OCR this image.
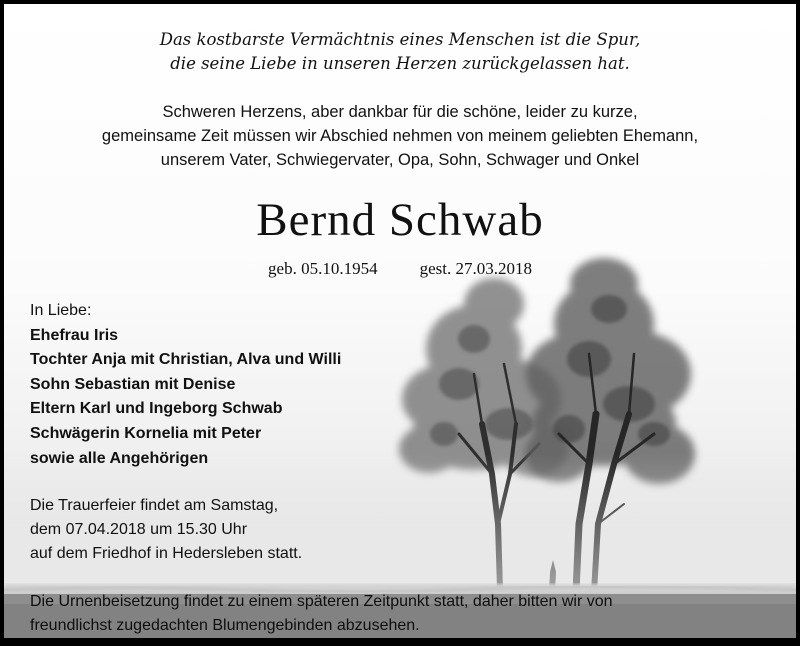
Das kostbarste Vermächtnis eines Menschen ist die Spur,
die seine Liebe in unseren Herzen zurückgelassen hat.
Schweren Herzens, aber dankbar für die schöne, leider zu kurze,
gemeinsame Zeit müssen wir Abschied nehmen von meinem geliebten Ehemann,
unserem Vater, Schwiegervater, Opa, Sohn, Schwager und Onkel
Bernd Schwab
geb. 05.10.1954 gest. 27.03.2018
In Liebe:
Ehefrau Iris
Tochter Anja mit Christian, Alva und Willi
Sohn Sebastian mit Denise
Eltern Karl und Ingeborg Schwab
Schwägerin Kornelia mit Peter
sowie alle Angehörigen
Die Trauerfeier findet am Samstag,
dem 07.04.2018 um 15.30 Uhr
auf dem Friedhof in Hedersleben statt.
Die Urnenbeisetzung findet zu einem späteren Zeitpunkt statt, daher bitten wir von
freundlichst zugedachten Blumengebinden abzusehen.
